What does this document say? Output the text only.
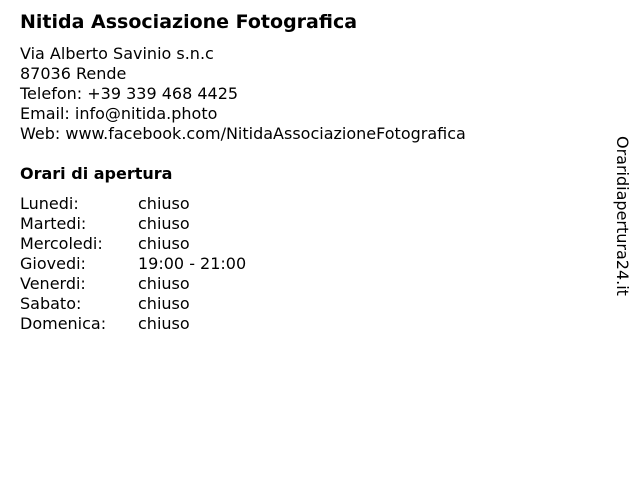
Nitida Associazione Fotografica
Via Alberto Savinio s.n.c
87036 Rende
Telefon: +39 339 468 4425
Email: info@nitida.photo
Web: www.facebook.com/NitidaAssociazioneFotografica
Orari di apertura
Lunedi:	chiuso
Martedi:	chiuso
Mercoledi: chiuso
Giovedi:	19:00 - 21:00
Venerdi:	chiuso
Sabato:	chiuso
Domenica: chiuso
Oraridiapertura24.it
